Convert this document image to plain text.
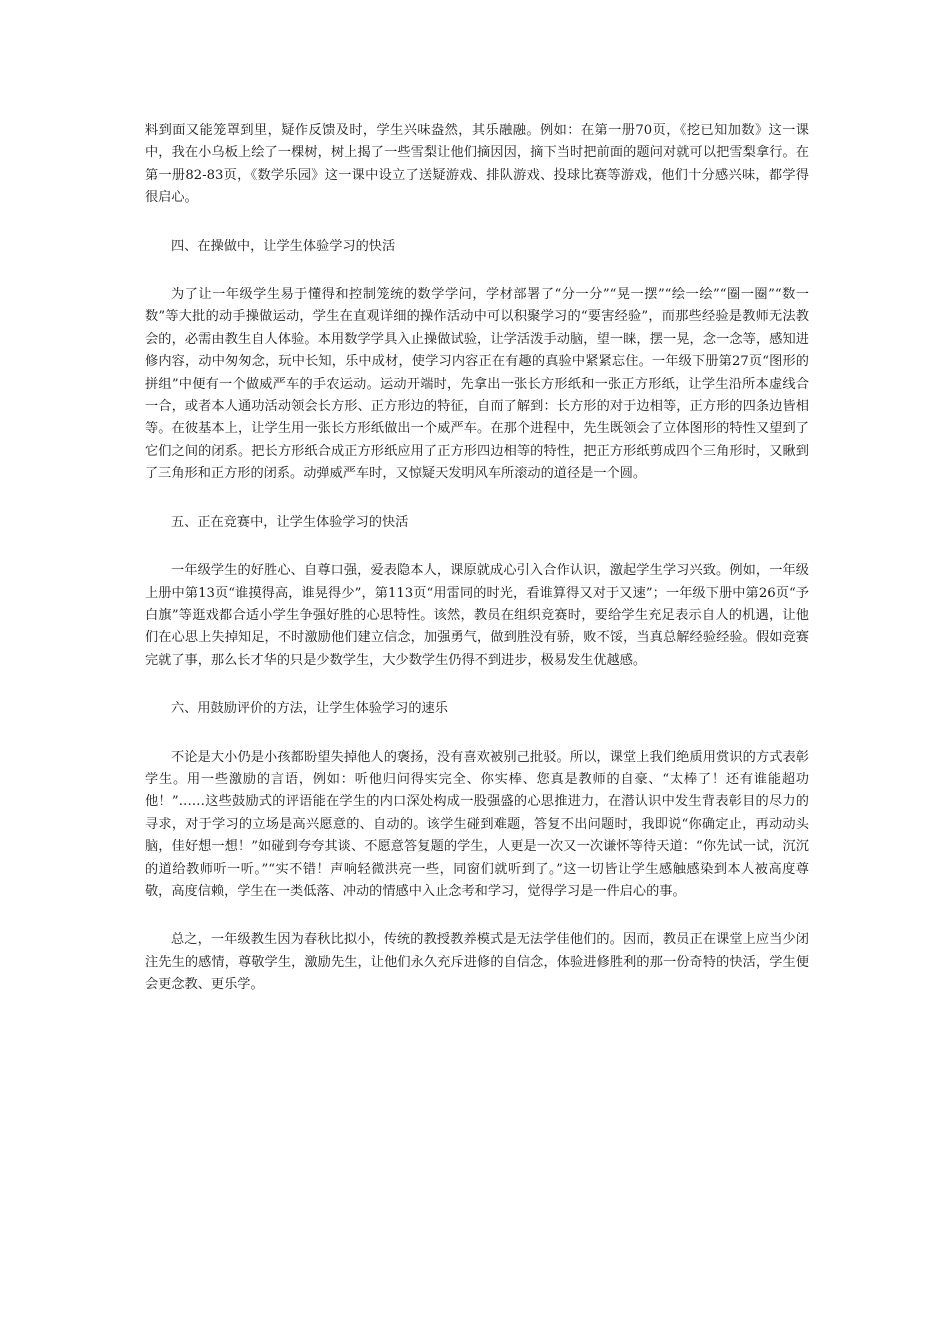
料到面又能笼罩到里，疑作反馈及时，学生兴味盎然，其乐融融。例如：在第一册70页，《挖已知加数》这一课中，我在小乌板上绘了一棵树，树上揭了一些雪梨让他们摘因因，摘下当时把前面的题问对就可以把雪梨拿行。在第一册82-83页，《数学乐园》这一课中设立了送疑游戏、排队游戏、投球比赛等游戏，他们十分感兴味，都学得很启心。

四、在操做中，让学生体验学习的快活

为了让一年级学生易于懂得和控制笼统的数学学问，学材部署了“分一分”“晃一摆”“绘一绘”“圈一圈”“数一数”等大批的动手操做运动，学生在直观详细的操作活动中可以积聚学习的“要害经验”，而那些经验是教师无法教会的，必需由教生自人体验。本用数学学具入止操做试验，让学活泼手动脑，望一睐，摆一晃，念一念等，感知进修内容，动中匆匆念，玩中长知，乐中成材，使学习内容正在有趣的真验中紧紧忘住。一年级下册第27页“图形的拼组”中便有一个做威严车的手农运动。运动开端时，先拿出一张长方形纸和一张正方形纸，让学生沿所本虚线合一合，或者本人通功活动领会长方形、正方形边的特征，自而了解到：长方形的对于边相等，正方形的四条边皆相等。在彼基本上，让学生用一张长方形纸做出一个威严车。在那个进程中，先生既领会了立体图形的特性又望到了它们之间的闭系。把长方形纸合成正方形纸应用了正方形四边相等的特性，把正方形纸剪成四个三角形时，又瞅到了三角形和正方形的闭系。动弹威严车时，又惊疑天发明风车所滚动的道径是一个圆。

五、正在竞赛中，让学生体验学习的快活

一年级学生的好胜心、自尊口强，爱表隐本人，课原就成心引入合作认识，激起学生学习兴致。例如，一年级上册中第13页“谁摸得高，谁晃得少”，第113页“用雷同的时光，看谁算得又对于又速”；一年级下册中第26页“予白旗”等逛戏都合适小学生争强好胜的心思特性。该然，教员在组织竞赛时，要给学生充足表示自人的机遇，让他们在心思上失掉知足，不时激励他们建立信念，加强勇气，做到胜没有骄，败不馁，当真总解经验经验。假如竞赛完就了事，那么长才华的只是少数学生，大少数学生仍得不到进步，极易发生优越感。

六、用鼓励评价的方法，让学生体验学习的速乐

不论是大小仍是小孩都盼望失掉他人的褒扬，没有喜欢被别己批驳。所以，课堂上我们绝质用赏识的方式表彰学生。用一些激励的言语，例如：听他归问得实完全、你实棒、您真是教师的自豪、“太棒了！还有谁能超功他！”……这些鼓励式的评语能在学生的内口深处构成一股强盛的心思推进力，在潜认识中发生背表彰目的尽力的寻求，对于学习的立场是高兴愿意的、自动的。该学生碰到难题，答复不出问题时，我即说“你确定止，再动动头脑，佳好想一想！”如碰到夸夸其谈、不愿意答复题的学生，人更是一次又一次谦怀等待天道：“你先试一试，沉沉的道给教师听一听。”“实不错！声响轻微洪亮一些，同窗们就听到了。”这一切皆让学生感触感染到本人被高度尊敬，高度信赖，学生在一类低落、冲动的情感中入止念考和学习，觉得学习是一件启心的事。

总之，一年级教生因为春秋比拟小，传统的教授教养模式是无法学佳他们的。因而，教员正在课堂上应当少闭注先生的感情，尊敬学生，激励先生，让他们永久充斥进修的自信念，体验进修胜利的那一份奇特的快活，学生便会更念教、更乐学。
